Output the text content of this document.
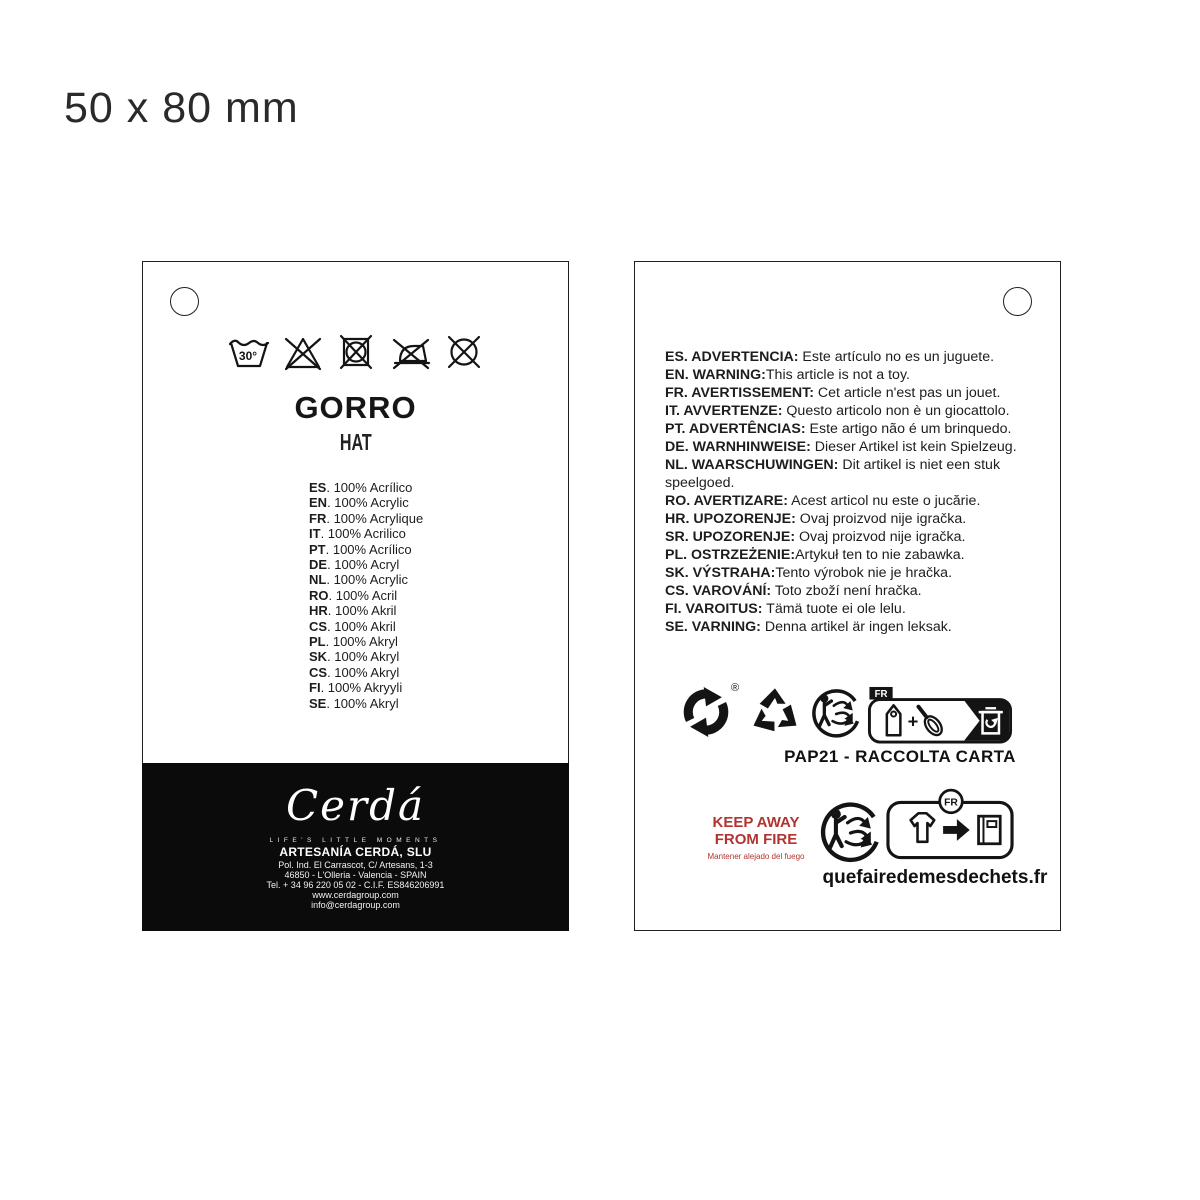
50 x 80 mm
30°
GORRO
HAT
ES. 100% Acrílico
EN. 100% Acrylic
FR. 100% Acrylique
IT. 100% Acrilico
PT. 100% Acrílico
DE. 100% Acryl
NL. 100% Acrylic
RO. 100% Acril
HR. 100% Akril
CS. 100% Akril
PL. 100% Akryl
SK. 100% Akryl
CS. 100% Akryl
FI. 100% Akryyli
SE. 100% Akryl
Cerdá
LIFE'S LITTLE MOMENTS
ARTESANÍA CERDÁ, SLU
Pol. Ind. El Carrascot, C/ Artesans, 1-3
46850 - L'Olleria - Valencia - SPAIN
Tel. + 34 96 220 05 02 - C.I.F. ES846206991
www.cerdagroup.com
info@cerdagroup.com
ES. ADVERTENCIA: Este artículo no es un juguete.
EN. WARNING:This article is not a toy.
FR. AVERTISSEMENT: Cet article n'est pas un jouet.
IT. AVVERTENZE: Questo articolo non è un giocattolo.
PT. ADVERTÊNCIAS: Este artigo não é um brinquedo.
DE. WARNHINWEISE: Dieser Artikel ist kein Spielzeug.
NL. WAARSCHUWINGEN: Dit artikel is niet een stuk
speelgoed.
RO. AVERTIZARE: Acest articol nu este o jucărie.
HR. UPOZORENJE: Ovaj proizvod nije igračka.
SR. UPOZORENJE: Ovaj proizvod nije igračka.
PL. OSTRZEŻENIE:Artykuł ten to nie zabawka.
SK. VÝSTRAHA:Tento výrobok nie je hračka.
CS. VAROVÁNÍ: Toto zboží není hračka.
FI. VAROITUS: Tämä tuote ei ole lelu.
SE. VARNING: Denna artikel är ingen leksak.
®
FR
+
PAP21 - RACCOLTA CARTA
KEEP AWAY
FROM FIRE
Mantener alejado del fuego
FR
quefairedemesdechets.fr
